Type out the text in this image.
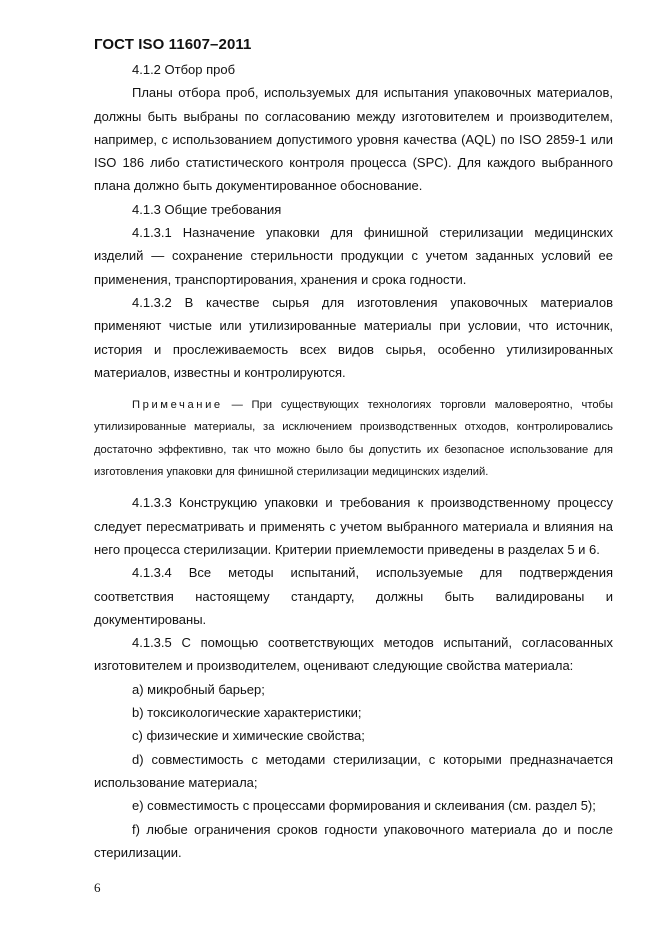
ГОСТ ISO 11607–2011

4.1.2 Отбор проб

Планы отбора проб, используемых для испытания упаковочных материалов, должны быть выбраны по согласованию между изготовителем и производителем, например, с использованием допустимого уровня качества (AQL) по ISO 2859-1 или ISO 186 либо статистического контроля процесса (SPC). Для каждого выбранного плана должно быть документированное обоснование.

4.1.3 Общие требования

4.1.3.1 Назначение упаковки для финишной стерилизации медицинских изделий — сохранение стерильности продукции с учетом заданных условий ее применения, транспортирования, хранения и срока годности.

4.1.3.2 В качестве сырья для изготовления упаковочных материалов применяют чистые или утилизированные материалы при условии, что источник, история и прослеживаемость всех видов сырья, особенно утилизированных материалов, известны и контролируются.

Примечание — При существующих технологиях торговли маловероятно, чтобы утилизированные материалы, за исключением производственных отходов, контролировались достаточно эффективно, так что можно было бы допустить их безопасное использование для изготовления упаковки для финишной стерилизации медицинских изделий.

4.1.3.3 Конструкцию упаковки и требования к производственному процессу следует пересматривать и применять с учетом выбранного материала и влияния на него процесса стерилизации. Критерии приемлемости приведены в разделах 5 и 6.

4.1.3.4 Все методы испытаний, используемые для подтверждения соответствия настоящему стандарту, должны быть валидированы и документированы.

4.1.3.5 С помощью соответствующих методов испытаний, согласованных изготовителем и производителем, оценивают следующие свойства материала:

а) микробный барьер;

b) токсикологические характеристики;

с) физические и химические свойства;

d) совместимость с методами стерилизации, с которыми предназначается использование материала;

е) совместимость с процессами формирования и склеивания (см. раздел 5);

f) любые ограничения сроков годности упаковочного материала до и после стерилизации.

6
